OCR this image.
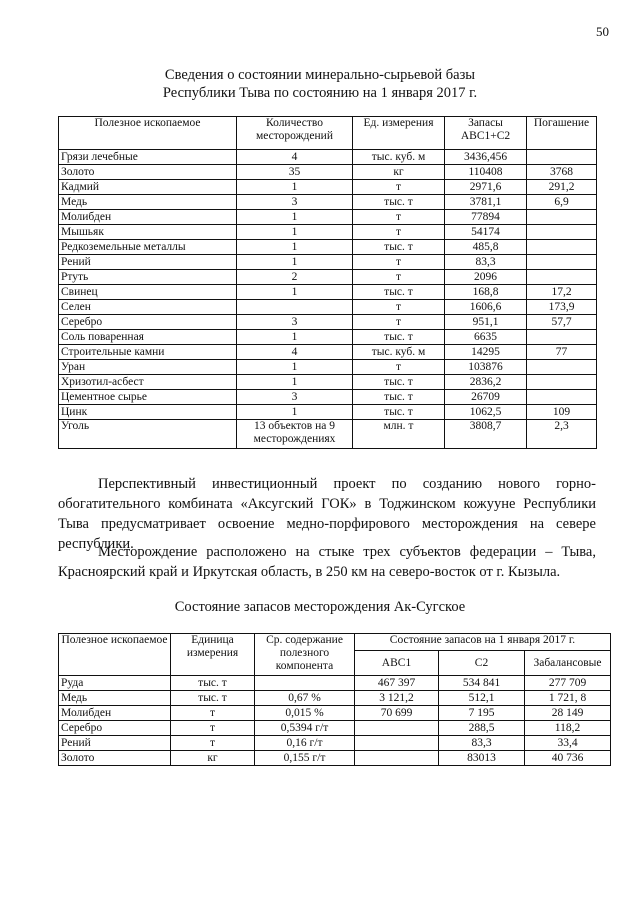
50
Сведения о состоянии минерально-сырьевой базы
Республики Тыва по состоянию на 1 января 2017 г.
Полезное ископаемое	Количество месторождений	Ед. измерения	Запасы АВС1+С2	Погашение
Грязи лечебные	4	тыс. куб. м	3436,456	
Золото	35	кг	110408	3768
Кадмий	1	т	2971,6	291,2
Медь	3	тыс. т	3781,1	6,9
Молибден	1	т	77894	
Мышьяк	1	т	54174	
Редкоземельные металлы	1	тыс. т	485,8	
Рений	1	т	83,3	
Ртуть	2	т	2096	
Свинец	1	тыс. т	168,8	17,2
Селен		т	1606,6	173,9
Серебро	3	т	951,1	57,7
Соль поваренная	1	тыс. т	6635	
Строительные камни	4	тыс. куб. м	14295	77
Уран	1	т	103876	
Хризотил-асбест	1	тыс. т	2836,2	
Цементное сырье	3	тыс. т	26709	
Цинк	1	тыс. т	1062,5	109
Уголь	13 объектов на 9 месторождениях	млн. т	3808,7	2,3

Перспективный инвестиционный проект по созданию нового горно-обогатительного комбината «Аксугский ГОК» в Тоджинском кожууне Республики Тыва предусматривает освоение медно-порфирового месторождения на севере республики.

Месторождение расположено на стыке трех субъектов федерации – Тыва, Красноярский край и Иркутская область, в 250 км на северо-восток от г. Кызыла.

Состояние запасов месторождения Ак-Сугское
Полезное ископаемое	Единица измерения	Ср. содержание полезного компонента	Состояние запасов на 1 января 2017 г.		
			АВС1	С2	Забалансовые
Руда	тыс. т		467 397	534 841	277 709
Медь	тыс. т	0,67 %	3 121,2	512,1	1 721, 8
Молибден	т	0,015 %	70 699	7 195	28 149
Серебро	т	0,5394 г/т		288,5	118,2
Рений	т	0,16 г/т		83,3	33,4
Золото	кг	0,155 г/т		83013	40 736
